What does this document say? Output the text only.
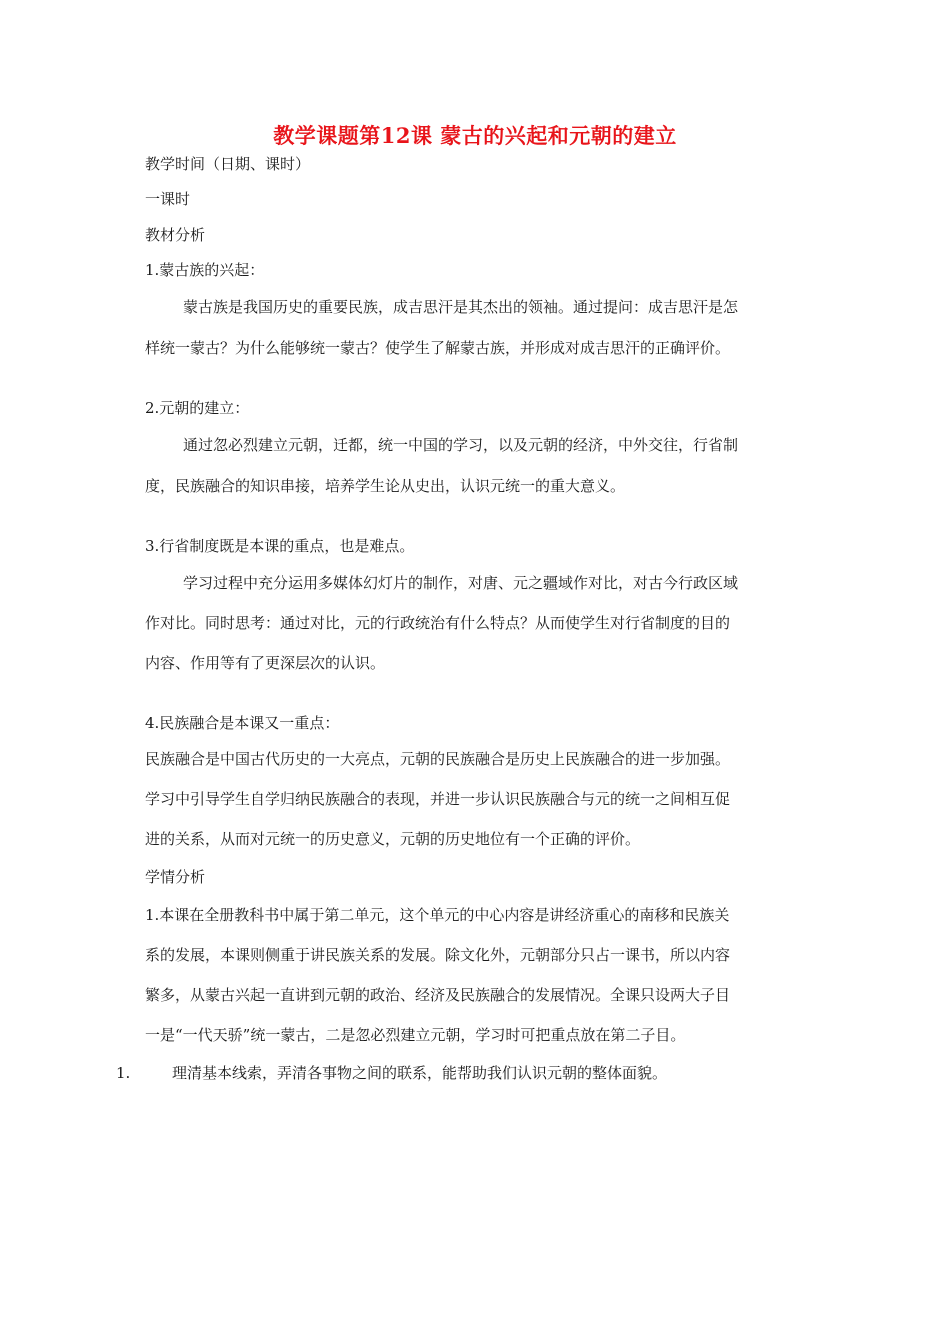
教学课题第12课 蒙古的兴起和元朝的建立
教学时间（日期、课时）
一课时
教材分析
1.蒙古族的兴起：
蒙古族是我国历史的重要民族，成吉思汗是其杰出的领袖。通过提问：成吉思汗是怎
样统一蒙古？为什么能够统一蒙古？使学生了解蒙古族，并形成对成吉思汗的正确评价。
2.元朝的建立：
通过忽必烈建立元朝，迁都，统一中国的学习，以及元朝的经济，中外交往，行省制
度，民族融合的知识串接，培养学生论从史出，认识元统一的重大意义。
3.行省制度既是本课的重点，也是难点。
学习过程中充分运用多媒体幻灯片的制作，对唐、元之疆域作对比，对古今行政区域
作对比。同时思考：通过对比，元的行政统治有什么特点？从而使学生对行省制度的目的
内容、作用等有了更深层次的认识。
4.民族融合是本课又一重点：
民族融合是中国古代历史的一大亮点，元朝的民族融合是历史上民族融合的进一步加强。
学习中引导学生自学归纳民族融合的表现，并进一步认识民族融合与元的统一之间相互促
进的关系，从而对元统一的历史意义，元朝的历史地位有一个正确的评价。
学情分析
1.本课在全册教科书中属于第二单元，这个单元的中心内容是讲经济重心的南移和民族关
系的发展，本课则侧重于讲民族关系的发展。除文化外，元朝部分只占一课书，所以内容
繁多，从蒙古兴起一直讲到元朝的政治、经济及民族融合的发展情况。全课只设两大子目
一是“一代天骄”统一蒙古，二是忽必烈建立元朝，学习时可把重点放在第二子目。
1.	理清基本线索，弄清各事物之间的联系，能帮助我们认识元朝的整体面貌。
